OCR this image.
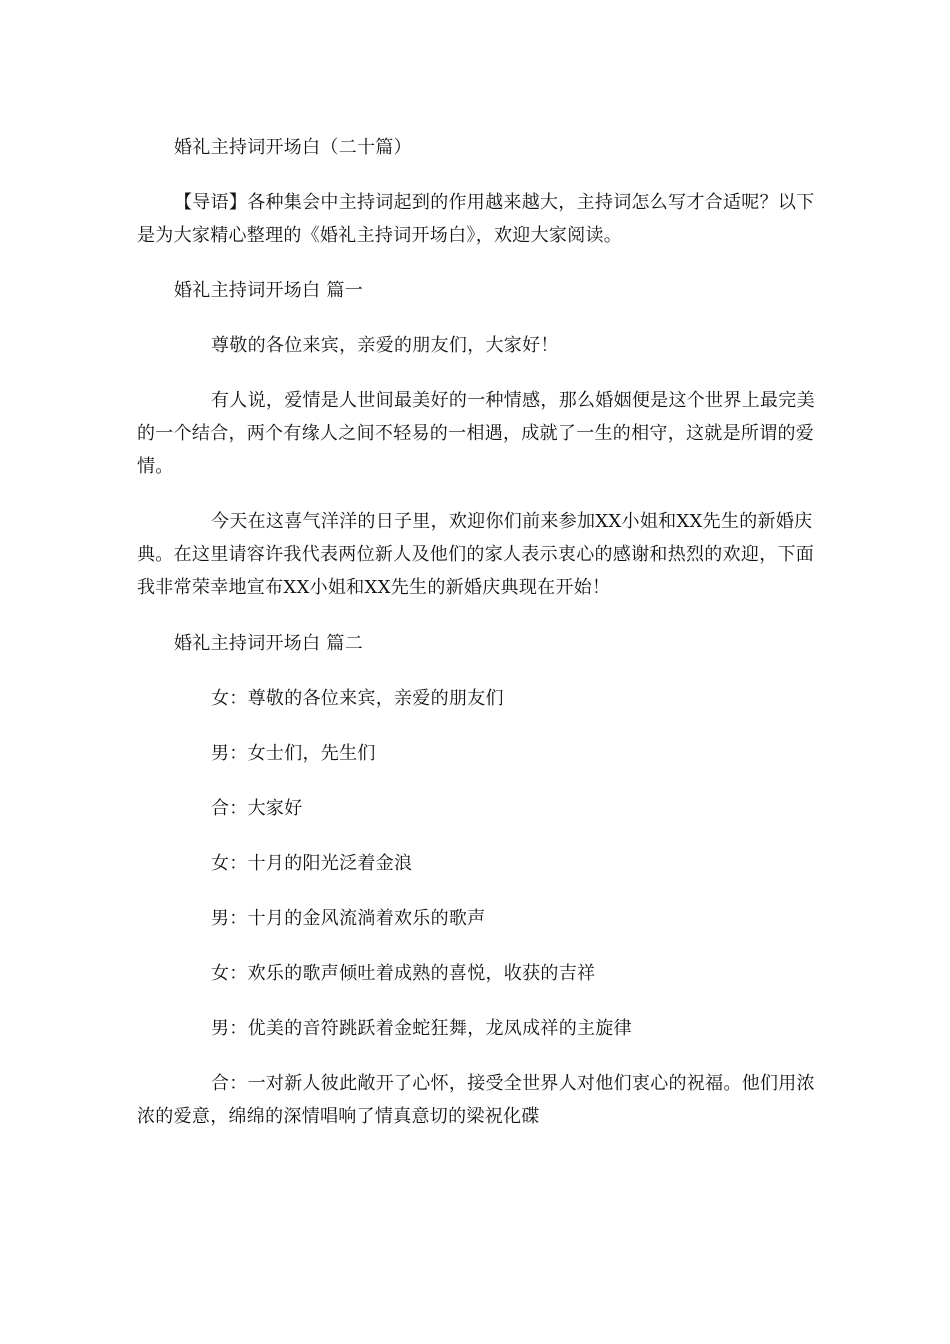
婚礼主持词开场白（二十篇）

【导语】各种集会中主持词起到的作用越来越大，主持词怎么写才合适呢？以下是为大家精心整理的《婚礼主持词开场白》，欢迎大家阅读。

婚礼主持词开场白 篇一

尊敬的各位来宾，亲爱的朋友们，大家好！

有人说，爱情是人世间最美好的一种情感，那么婚姻便是这个世界上最完美的一个结合，两个有缘人之间不轻易的一相遇，成就了一生的相守，这就是所谓的爱情。

今天在这喜气洋洋的日子里，欢迎你们前来参加XX小姐和XX先生的新婚庆典。在这里请容许我代表两位新人及他们的家人表示衷心的感谢和热烈的欢迎，下面我非常荣幸地宣布XX小姐和XX先生的新婚庆典现在开始！

婚礼主持词开场白 篇二

女：尊敬的各位来宾，亲爱的朋友们

男：女士们，先生们

合：大家好

女：十月的阳光泛着金浪

男：十月的金风流淌着欢乐的歌声

女：欢乐的歌声倾吐着成熟的喜悦，收获的吉祥

男：优美的音符跳跃着金蛇狂舞，龙凤成祥的主旋律

合：一对新人彼此敞开了心怀，接受全世界人对他们衷心的祝福。他们用浓浓的爱意，绵绵的深情唱响了情真意切的梁祝化碟
